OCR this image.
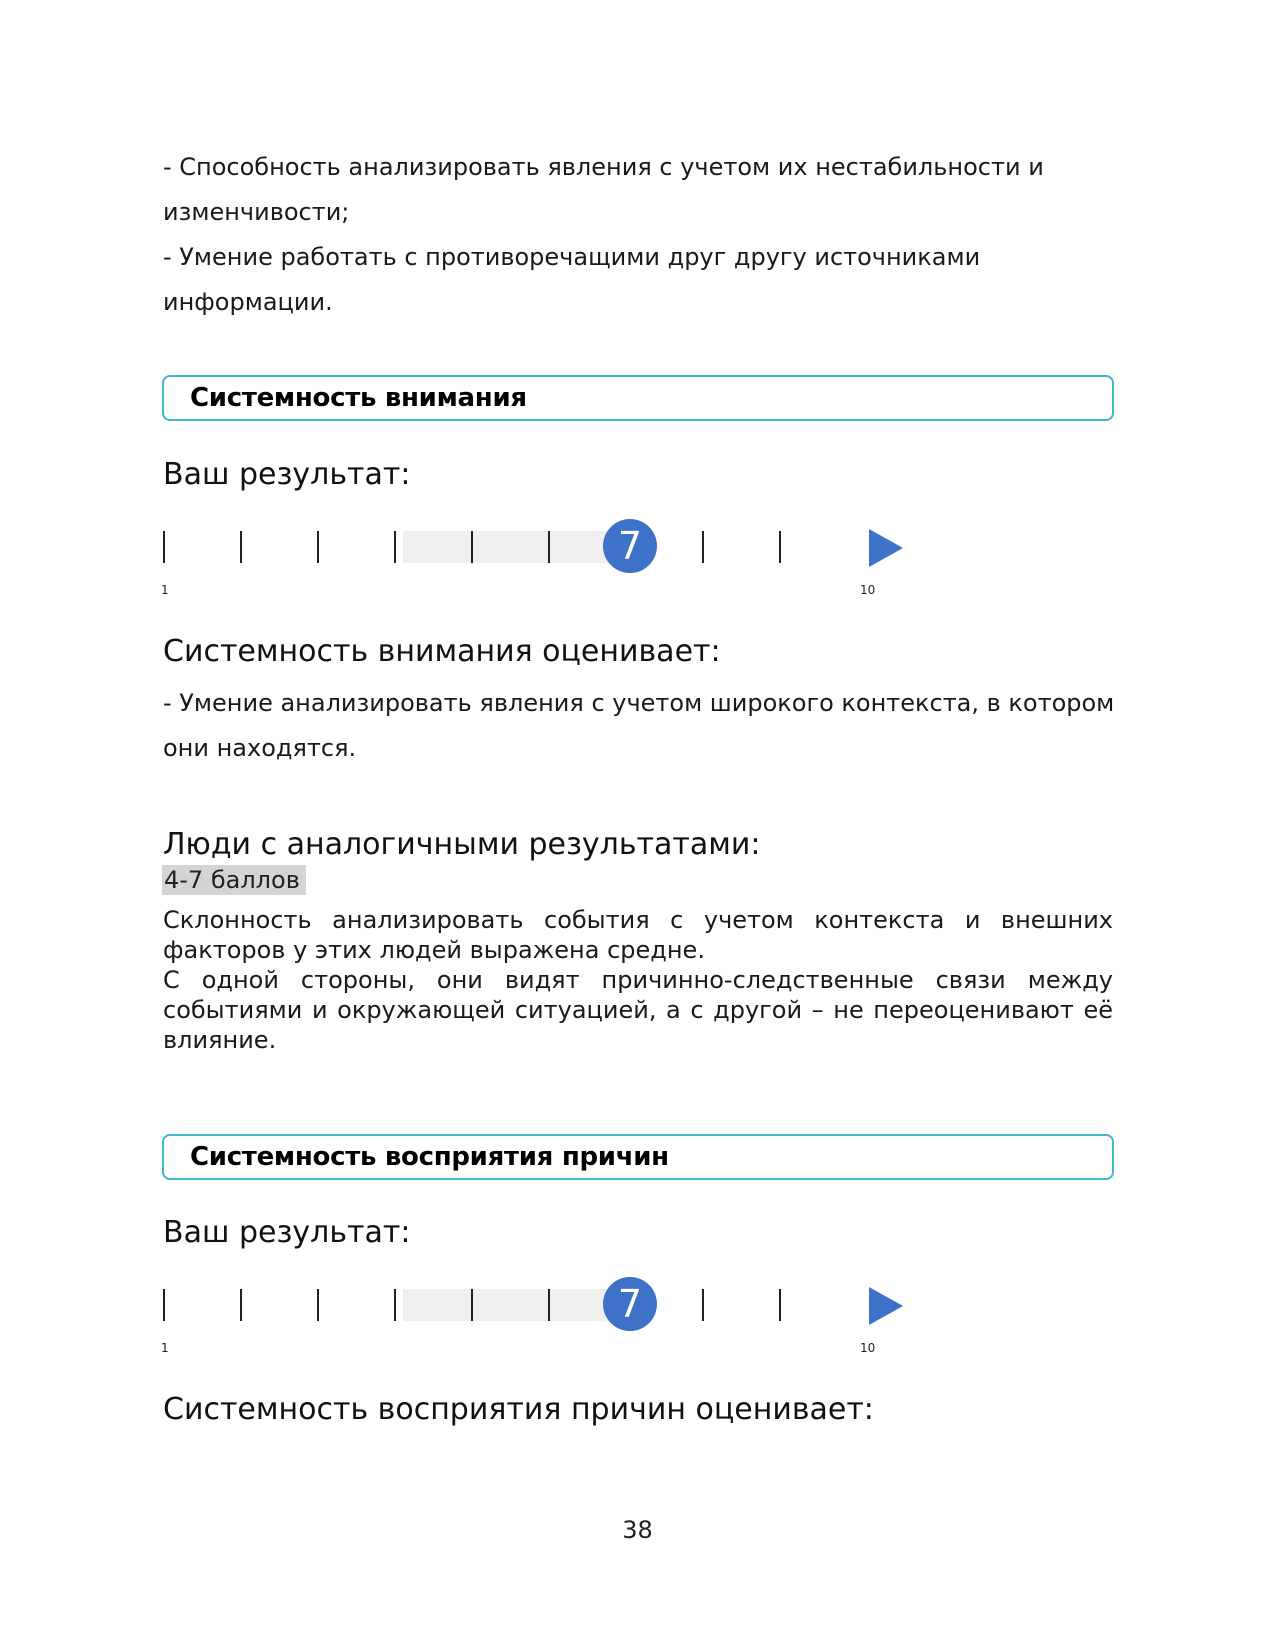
- Способность анализировать явления с учетом их нестабильности и изменчивости;

- Умение работать с противоречащими друг другу источниками информации.

Системность внимания
Ваш результат:
7
1	10
Системность внимания оценивает:

- Умение анализировать явления с учетом широкого контекста, в котором они находятся.

Люди с аналогичными результатами:
4-7 баллов

Склонность анализировать события с учетом контекста и внешних факторов у этих людей выражена средне.

С одной стороны, они видят причинно-следственные связи между событиями и окружающей ситуацией, а с другой – не переоценивают её влияние.

Системность восприятия причин
Ваш результат:
7
1	10
Системность восприятия причин оценивает:
38
